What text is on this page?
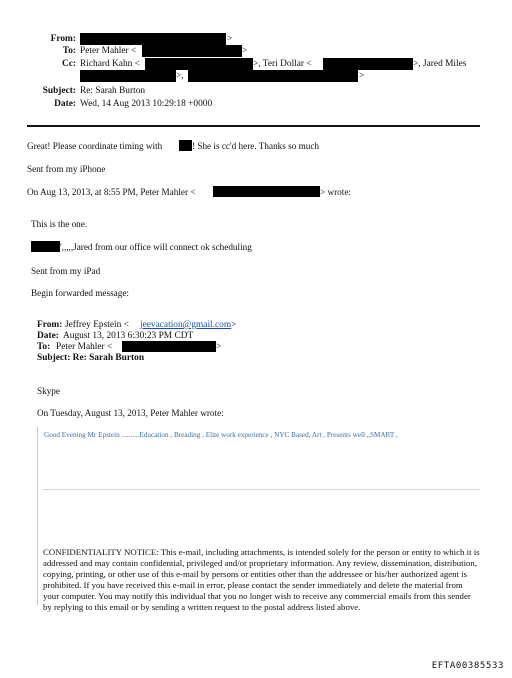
From:	>
To: Peter Mahler <	>
Cc: Richard Kahn <	>, Teri Dollar <	>, Jared Miles
>,	>
Subject: Re: Sarah Burton
Date: Wed, 14 Aug 2013 10:29:18 +0000
Great! Please coordinate timing with	! She is cc'd here. Thanks so much
Sent from my iPhone
On Aug 13, 2013, at 8:55 PM, Peter Mahler <	> wrote:
This is the one.
',,,,,Jared from our office will connect ok scheduling
Sent from my iPad
Begin forwarded message:
From: Jeffrey Epstein < jeevacation@gmail.com >
Date: August 13, 2013 6:30:23 PM CDT
To: Peter Mahler <	>
Subject: Re: Sarah Burton
Skype
On Tuesday, August 13, 2013, Peter Mahler wrote:
Good Evening Mr Epstein ..........Education , Breading , Elite work experience , NYC Based, Art , Presents well „SMART ,
CONFIDENTIALITY NOTICE: This e-mail, including attachments, is intended solely for the person or entity to which it is addressed and may contain confidential, privileged and/or proprietary information. Any review, dissemination, distribution, copying, printing, or other use of this e-mail by persons or entities other than the addressee or his/her authorized agent is prohibited. If you have received this e-mail in error, please contact the sender immediately and delete the material from your computer. You may notify this individual that you no longer wish to receive any commercial emails from this sender by replying to this email or by sending a written request to the postal address listed above.
EFTA00385533
